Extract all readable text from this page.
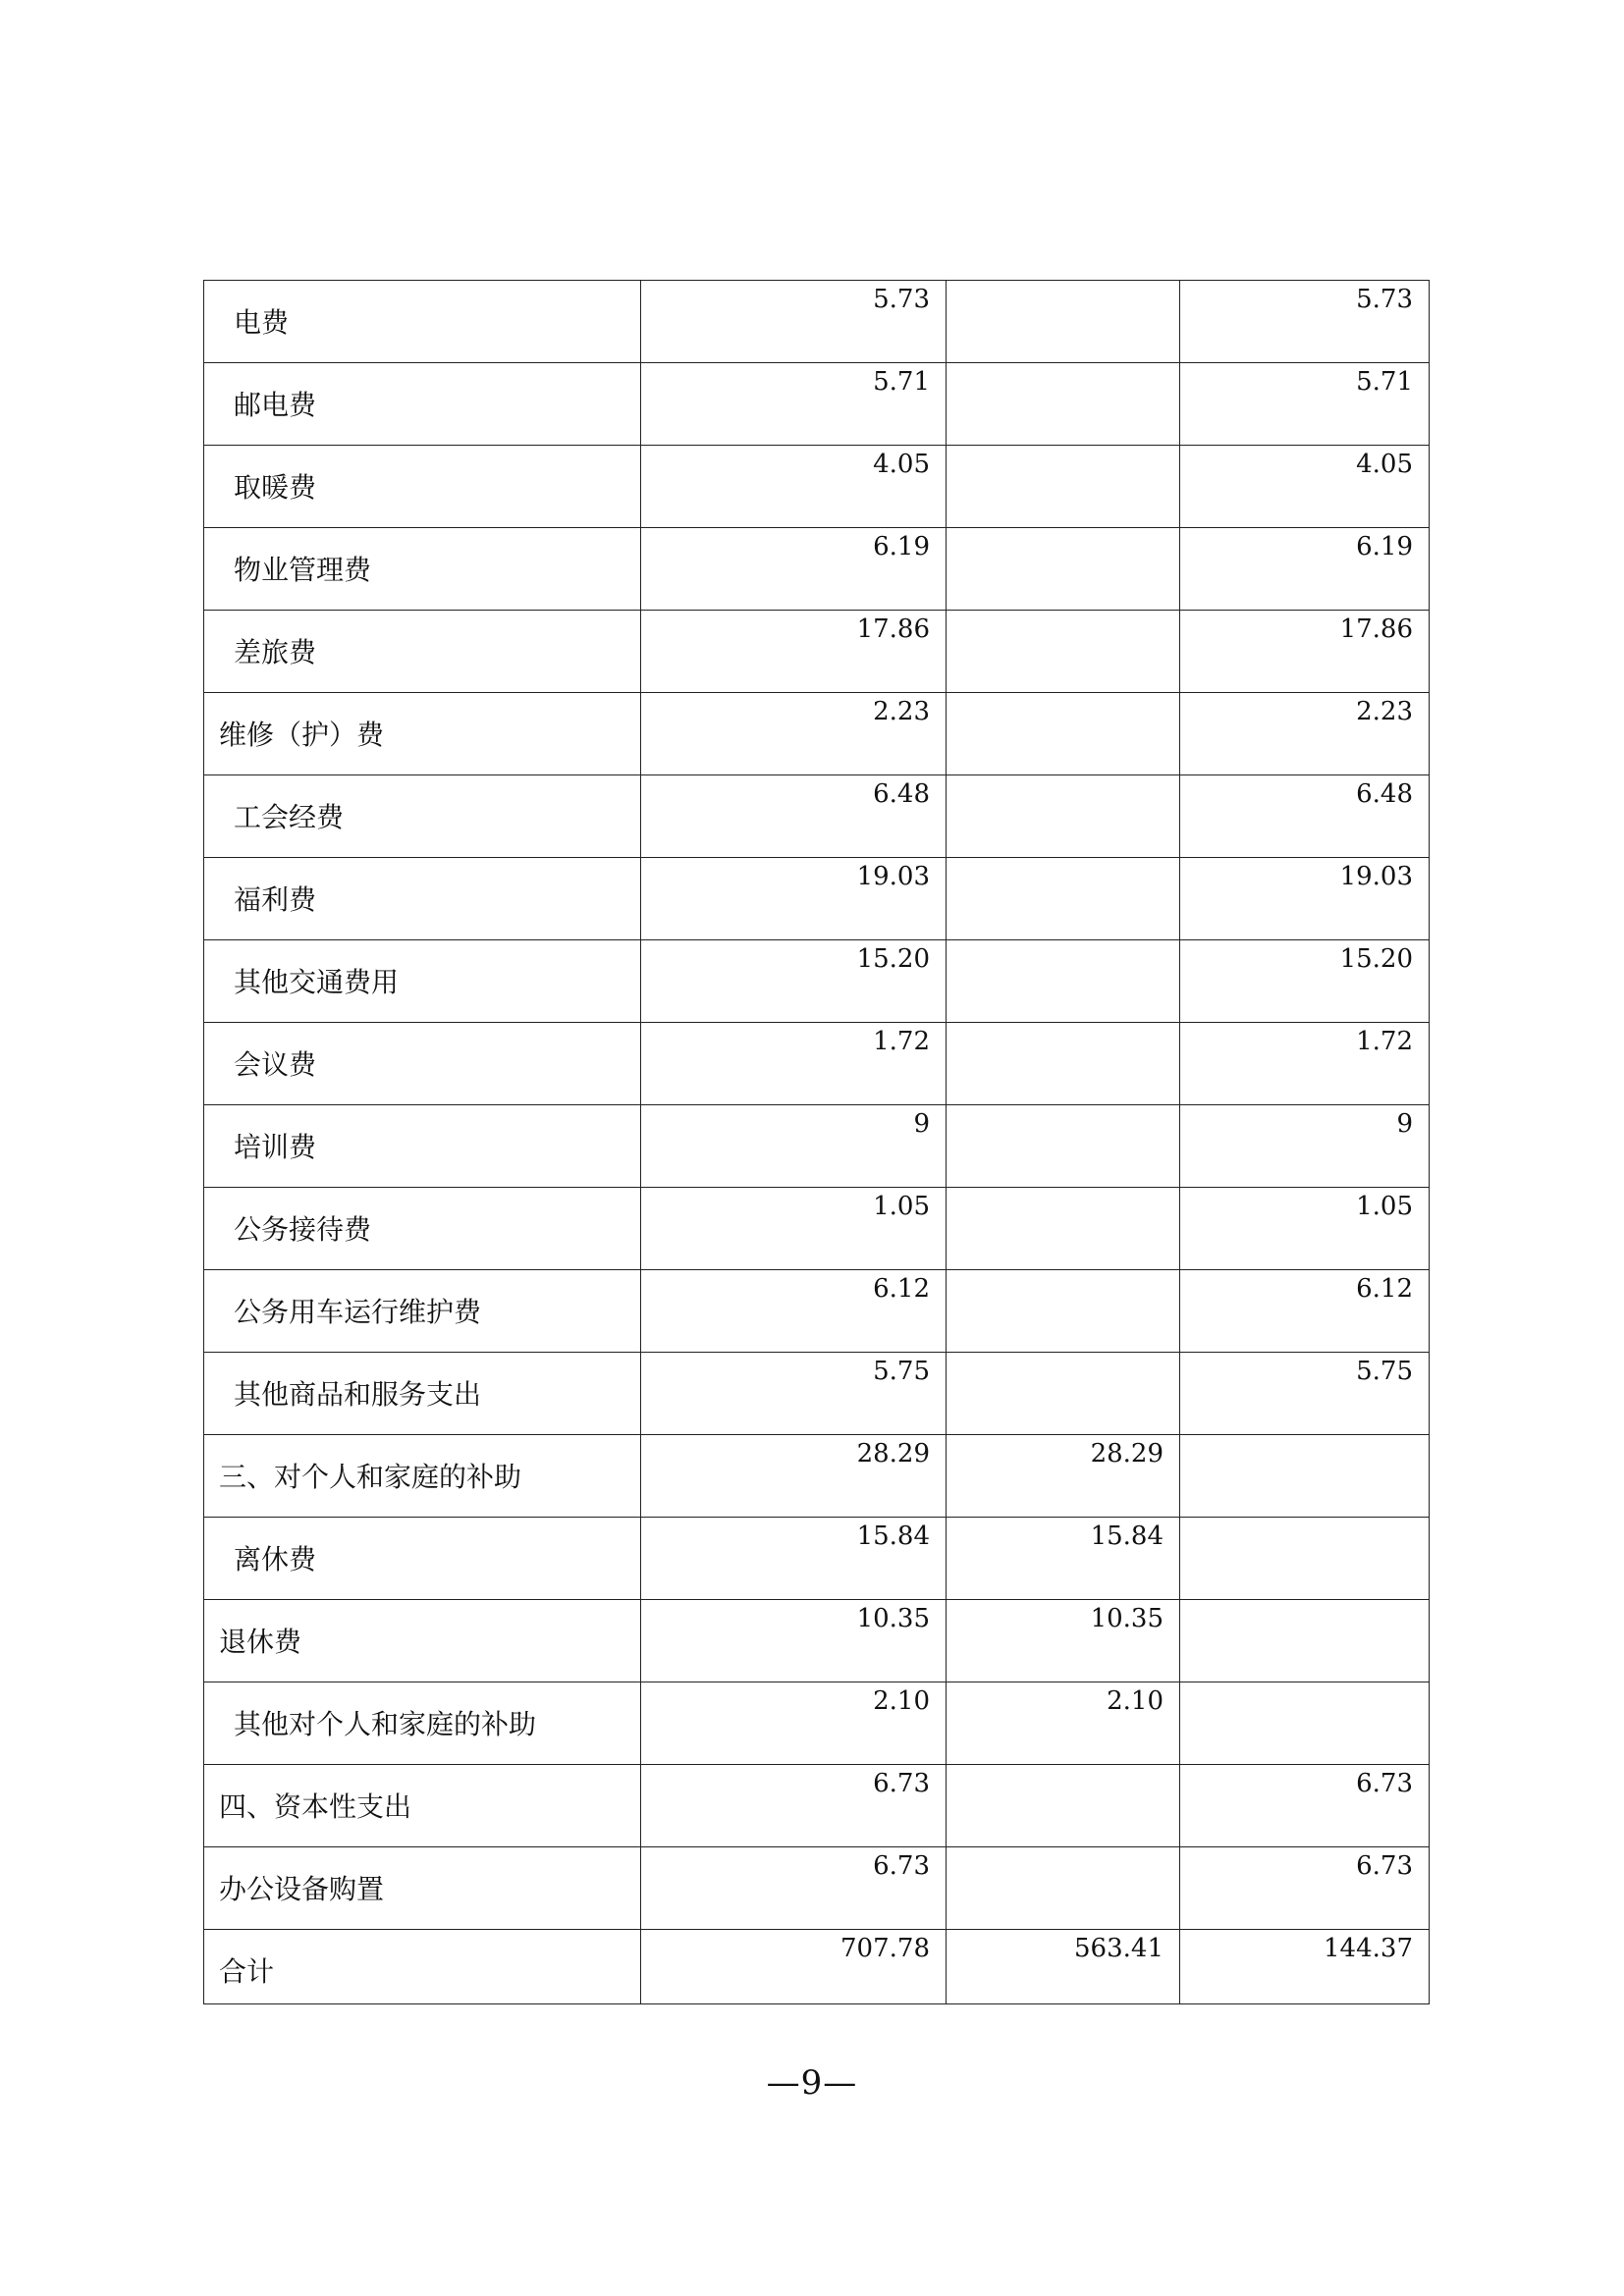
电费	5.73		5.73
邮电费	5.71		5.71
取暖费	4.05		4.05
物业管理费	6.19		6.19
差旅费	17.86		17.86
维修（护）费	2.23		2.23
工会经费	6.48		6.48
福利费	19.03		19.03
其他交通费用	15.20		15.20
会议费	1.72		1.72
培训费	9		9
公务接待费	1.05		1.05
公务用车运行维护费	6.12		6.12
其他商品和服务支出	5.75		5.75
三、对个人和家庭的补助	28.29	28.29	
离休费	15.84	15.84	
退休费	10.35	10.35	
其他对个人和家庭的补助	2.10	2.10	
四、资本性支出	6.73		6.73
办公设备购置	6.73		6.73
合计	707.78	563.41	144.37
—9—
